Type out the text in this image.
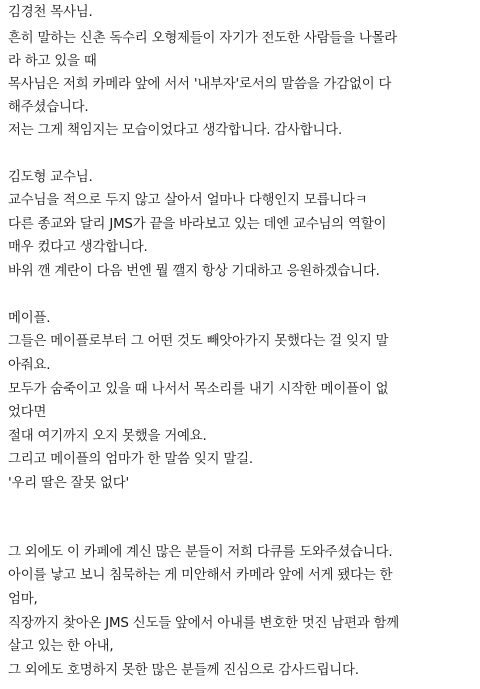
김경천 목사님.
흔히 말하는 신촌 독수리 오형제들이 자기가 전도한 사람들을 나몰라
라 하고 있을 때
목사님은 저희 카메라 앞에 서서 '내부자'로서의 말씀을 가감없이 다
해주셨습니다.
저는 그게 책임지는 모습이었다고 생각합니다. 감사합니다.
김도형 교수님.
교수님을 적으로 두지 않고 살아서 얼마나 다행인지 모릅니다ㅋ
다른 종교와 달리 JMS가 끝을 바라보고 있는 데엔 교수님의 역할이
매우 컸다고 생각합니다.
바위 깬 계란이 다음 번엔 뭘 깰지 항상 기대하고 응원하겠습니다.
메이플.
그들은 메이플로부터 그 어떤 것도 빼앗아가지 못했다는 걸 잊지 말
아줘요.
모두가 숨죽이고 있을 때 나서서 목소리를 내기 시작한 메이플이 없
었다면
절대 여기까지 오지 못했을 거예요.
그리고 메이플의 엄마가 한 말씀 잊지 말길.
'우리 딸은 잘못 없다'
그 외에도 이 카페에 계신 많은 분들이 저희 다큐를 도와주셨습니다.
아이를 낳고 보니 침묵하는 게 미안해서 카메라 앞에 서게 됐다는 한
엄마,
직장까지 찾아온 JMS 신도들 앞에서 아내를 변호한 멋진 남편과 함께
살고 있는 한 아내,
그 외에도 호명하지 못한 많은 분들께 진심으로 감사드립니다.
